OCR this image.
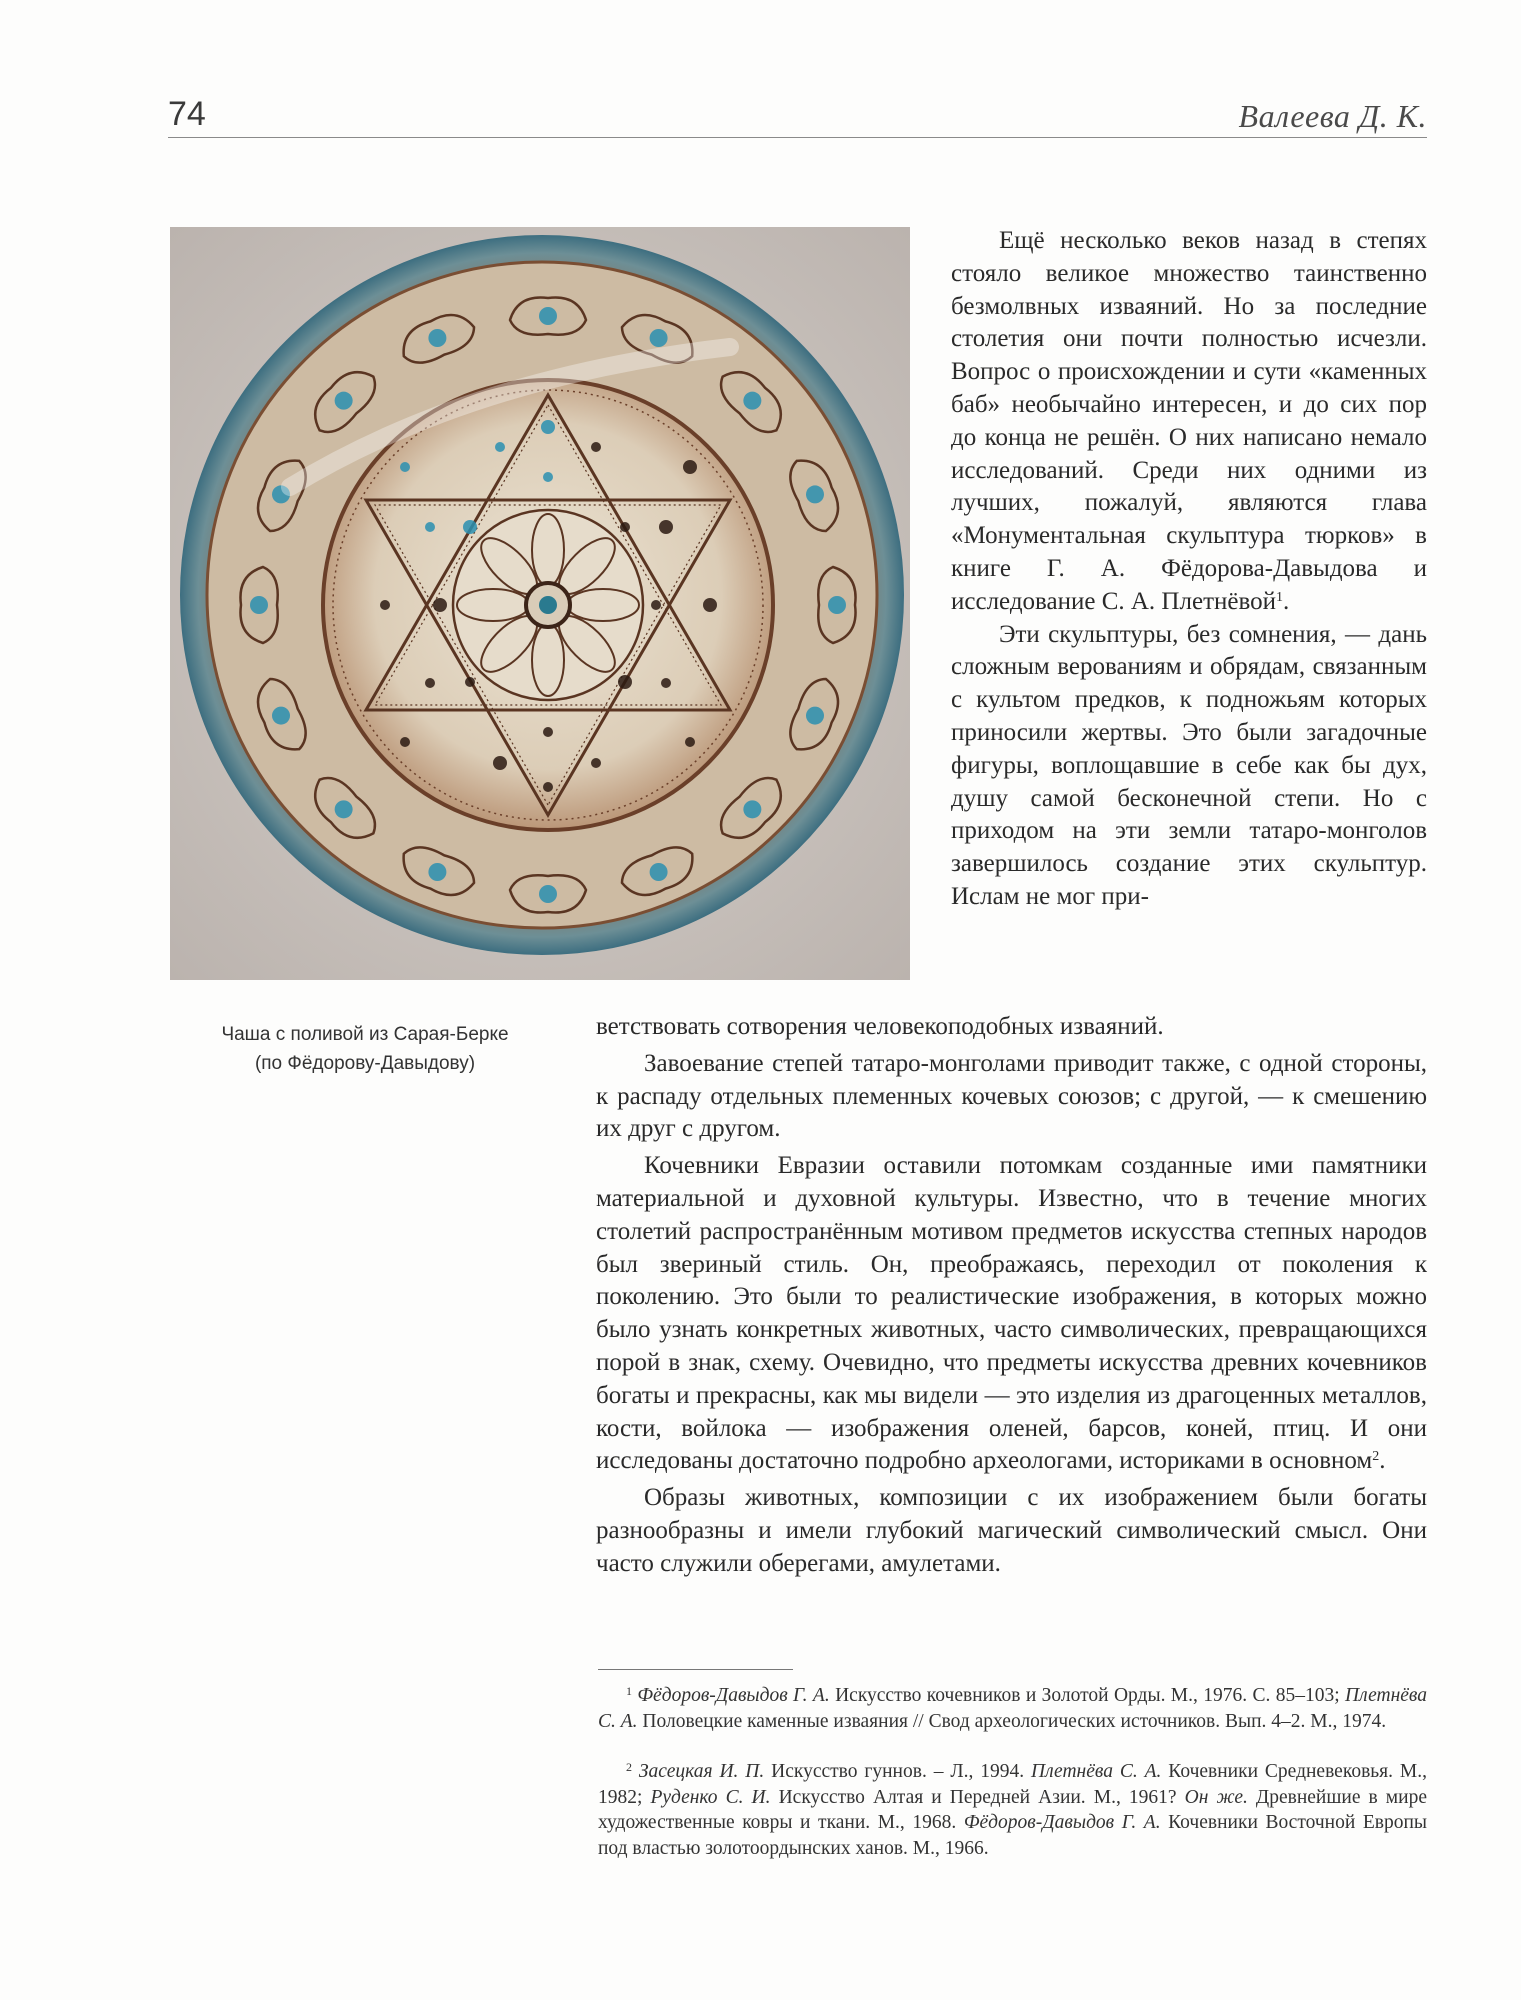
74	Валеева Д. К.
Чаша с поливой из Сарая-Берке
(по Фёдорову-Давыдову)

Ещё несколько веков назад в степях стояло великое множество таинственно безмолвных изваяний. Но за последние столетия они почти полностью исчезли. Вопрос о происхождении и сути «каменных баб» необычайно интересен, и до сих пор до конца не решён. О них написано немало исследований. Среди них одними из лучших, пожалуй, являются глава «Монументальная скульптура тюрков» в книге Г. А. Фёдорова-Давыдова и исследование С. А. Плетнёвой$^1$.

Эти скульптуры, без сомнения, — дань сложным верованиям и обрядам, связанным с культом предков, к подножьям которых приносили жертвы. Это были загадочные фигуры, воплощавшие в себе как бы дух, душу самой бесконечной степи. Но с приходом на эти земли татаро-монголов завершилось создание этих скульптур. Ислам не мог при-

ветствовать сотворения человекоподобных изваяний.

Завоевание степей татаро-монголами приводит также, с одной стороны, к распаду отдельных племенных кочевых союзов; с другой, — к смешению их друг с другом.

Кочевники Евразии оставили потомкам созданные ими памятники материальной и духовной культуры. Известно, что в течение многих столетий распространённым мотивом предметов искусства степных народов был звериный стиль. Он, преображаясь, переходил от поколения к поколению. Это были то реалистические изображения, в которых можно было узнать конкретных животных, часто символических, превращающихся порой в знак, схему. Очевидно, что предметы искусства древних кочевников богаты и прекрасны, как мы видели — это изделия из драгоценных металлов, кости, войлока — изображения оленей, барсов, коней, птиц. И они исследованы достаточно подробно археологами, историками в основном$^2$.

Образы животных, композиции с их изображением были богаты разнообразны и имели глубокий магический символический смысл. Они часто служили оберегами, амулетами.

$^1$ Фёдоров-Давыдов Г. А. Искусство кочевников и Золотой Орды. М., 1976. С. 85–103; Плетнёва С. А. Половецкие каменные изваяния // Свод археологических источников. Вып. 4–2. М., 1974.

$^2$ Засецкая И. П. Искусство гуннов. – Л., 1994. Плетнёва С. А. Кочевники Средневековья. М., 1982; Руденко С. И. Искусство Алтая и Передней Азии. М., 1961? Он же. Древнейшие в мире художественные ковры и ткани. М., 1968. Фёдоров-Давыдов Г. А. Кочевники Восточной Европы под властью золотоордынских ханов. М., 1966.
